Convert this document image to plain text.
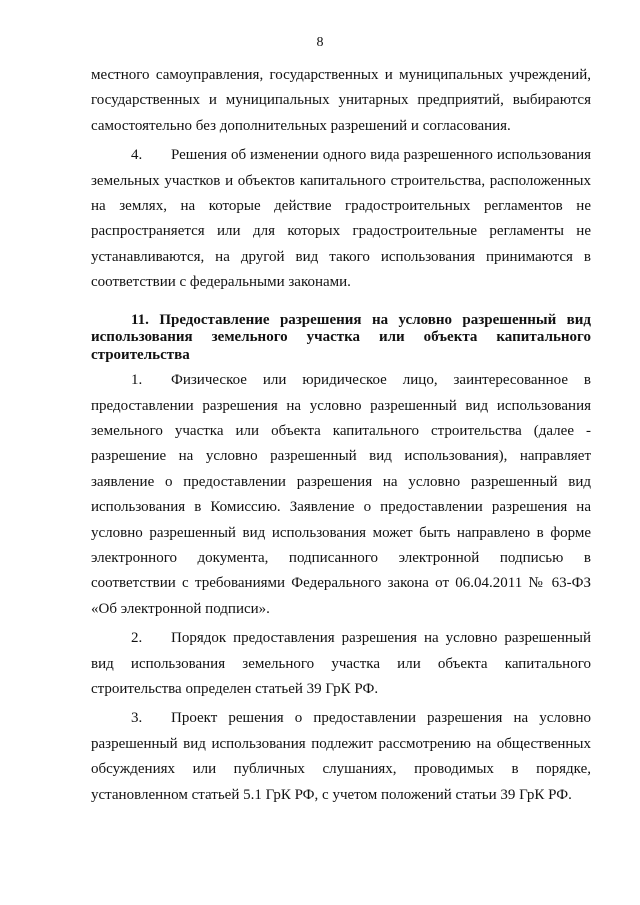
8

местного самоуправления, государственных и муниципальных учреждений, государственных и муниципальных унитарных предприятий, выбираются самостоятельно без дополнительных разрешений и согласования.

4. Решения об изменении одного вида разрешенного использования земельных участков и объектов капитального строительства, расположенных на землях, на которые действие градостроительных регламентов не распространяется или для которых градостроительные регламенты не устанавливаются, на другой вид такого использования принимаются в соответствии с федеральными законами.

11. Предоставление разрешения на условно разрешенный вид использования земельного участка или объекта капитального строительства

1. Физическое или юридическое лицо, заинтересованное в предоставлении разрешения на условно разрешенный вид использования земельного участка или объекта капитального строительства (далее - разрешение на условно разрешенный вид использования), направляет заявление о предоставлении разрешения на условно разрешенный вид использования в Комиссию. Заявление о предоставлении разрешения на условно разрешенный вид использования может быть направлено в форме электронного документа, подписанного электронной подписью в соответствии с требованиями Федерального закона от 06.04.2011 № 63-ФЗ «Об электронной подписи».

2. Порядок предоставления разрешения на условно разрешенный вид использования земельного участка или объекта капитального строительства определен статьей 39 ГрК РФ.

3. Проект решения о предоставлении разрешения на условно разрешенный вид использования подлежит рассмотрению на общественных обсуждениях или публичных слушаниях, проводимых в порядке, установленном статьей 5.1 ГрК РФ, с учетом положений статьи 39 ГрК РФ.
